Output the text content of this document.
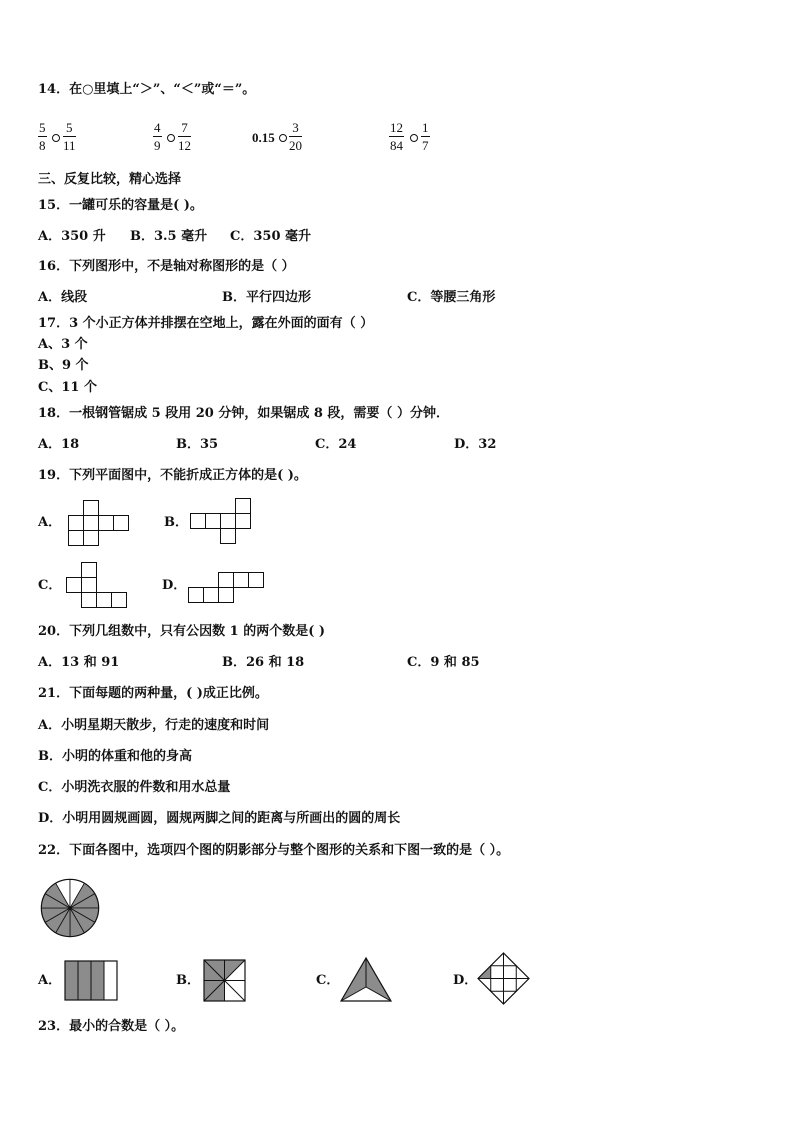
14．在○里填上“＞”、“＜”或“＝”。
5
8
5
11
4
9
7
12
0.15
3
20
12
84
1
7
三、反复比较，精心选择
15．一罐可乐的容量是( )。
A．350 升 B．3.5 毫升 C．350 毫升
16．下列图形中，不是轴对称图形的是（ ）
A．线段	B．平行四边形	C．等腰三角形
17．3 个小正方体并排摆在空地上，露在外面的面有（ ）
A、3 个
B、9 个
C、11 个
18．一根钢管锯成 5 段用 20 分钟，如果锯成 8 段，需要（ ）分钟．
A．18	B．35	C．24	D．32
19．下列平面图中，不能折成正方体的是( )。
A．	B．
C．	D．
20．下列几组数中，只有公因数 1 的两个数是( )
A．13 和 91	B．26 和 18	C．9 和 85
21．下面每题的两种量，( )成正比例。
A．小明星期天散步，行走的速度和时间
B．小明的体重和他的身高
C．小明洗衣服的件数和用水总量
D．小明用圆规画圆，圆规两脚之间的距离与所画出的圆的周长
22．下面各图中，选项四个图的阴影部分与整个图形的关系和下图一致的是（ ）。
A．	B．	C．	D．
23．最小的合数是（ ）。
